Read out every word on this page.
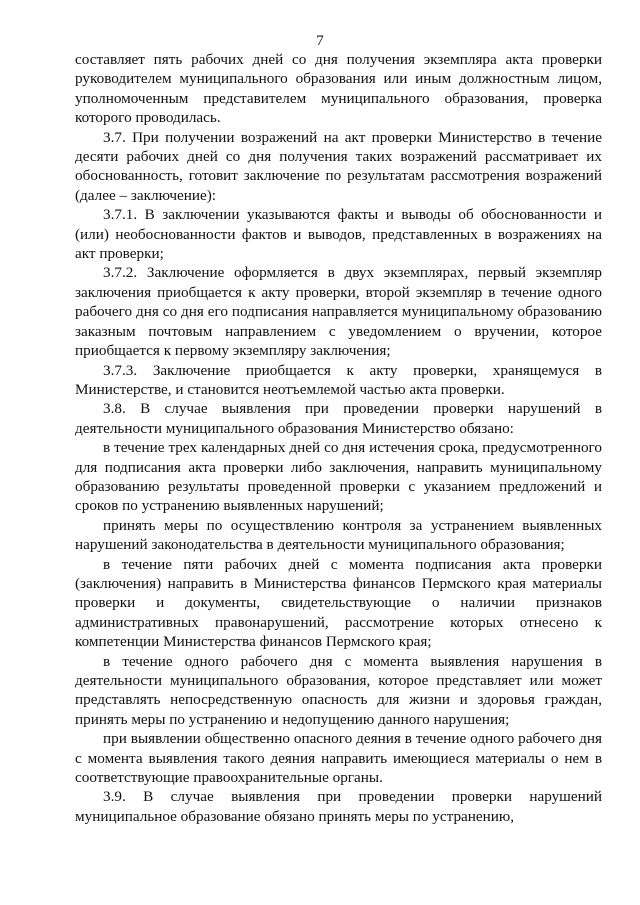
7

составляет пять рабочих дней со дня получения экземпляра акта проверки руководителем муниципального образования или иным должностным лицом, уполномоченным представителем муниципального образования, проверка которого проводилась.

3.7. При получении возражений на акт проверки Министерство в течение десяти рабочих дней со дня получения таких возражений рассматривает их обоснованность, готовит заключение по результатам рассмотрения возражений (далее – заключение):

3.7.1. В заключении указываются факты и выводы об обоснованности и (или) необоснованности фактов и выводов, представленных в возражениях на акт проверки;

3.7.2. Заключение оформляется в двух экземплярах, первый экземпляр заключения приобщается к акту проверки, второй экземпляр в течение одного рабочего дня со дня его подписания направляется муниципальному образованию заказным почтовым направлением с уведомлением о вручении, которое приобщается к первому экземпляру заключения;

3.7.3. Заключение приобщается к акту проверки, хранящемуся в Министерстве, и становится неотъемлемой частью акта проверки.

3.8. В случае выявления при проведении проверки нарушений в деятельности муниципального образования Министерство обязано:

в течение трех календарных дней со дня истечения срока, предусмотренного для подписания акта проверки либо заключения, направить муниципальному образованию результаты проведенной проверки с указанием предложений и сроков по устранению выявленных нарушений;

принять меры по осуществлению контроля за устранением выявленных нарушений законодательства в деятельности муниципального образования;

в течение пяти рабочих дней с момента подписания акта проверки (заключения) направить в Министерства финансов Пермского края материалы проверки и документы, свидетельствующие о наличии признаков административных правонарушений, рассмотрение которых отнесено к компетенции Министерства финансов Пермского края;

в течение одного рабочего дня с момента выявления нарушения в деятельности муниципального образования, которое представляет или может представлять непосредственную опасность для жизни и здоровья граждан, принять меры по устранению и недопущению данного нарушения;

при выявлении общественно опасного деяния в течение одного рабочего дня с момента выявления такого деяния направить имеющиеся материалы о нем в соответствующие правоохранительные органы.

3.9. В случае выявления при проведении проверки нарушений муниципальное образование обязано принять меры по устранению,
